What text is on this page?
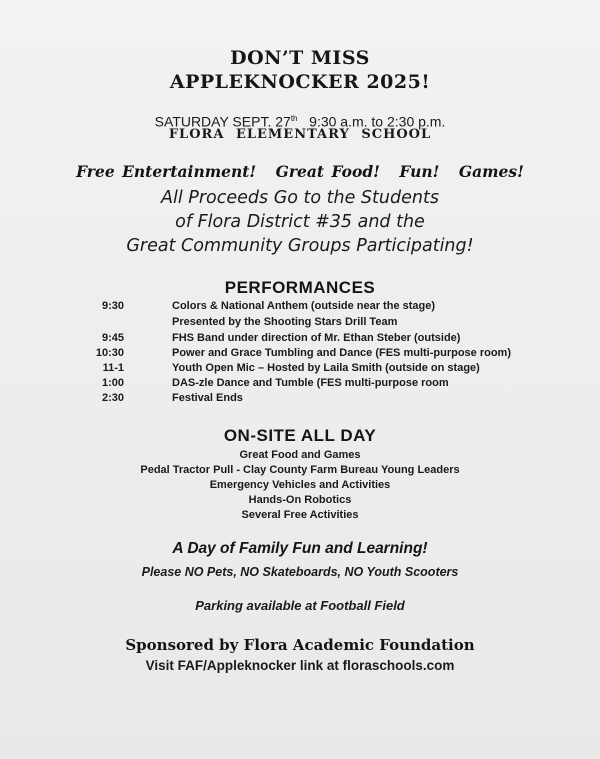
DON’T MISS
APPLEKNOCKER 2025!
SATURDAY SEPT. 27th 9:30 a.m. to 2:30 p.m.
FLORA ELEMENTARY SCHOOL
Free Entertainment! Great Food! Fun! Games!
All Proceeds Go to the Students
of Flora District #35 and the
Great Community Groups Participating!
PERFORMANCES
9:30	Colors & National Anthem (outside near the stage)
Presented by the Shooting Stars Drill Team
9:45	FHS Band under direction of Mr. Ethan Steber (outside)
10:30	Power and Grace Tumbling and Dance (FES multi-purpose room)
11-1	Youth Open Mic – Hosted by Laila Smith (outside on stage)
1:00	DAS-zle Dance and Tumble (FES multi-purpose room
2:30	Festival Ends
ON-SITE ALL DAY
Great Food and Games
Pedal Tractor Pull - Clay County Farm Bureau Young Leaders
Emergency Vehicles and Activities
Hands-On Robotics
Several Free Activities
A Day of Family Fun and Learning!
Please NO Pets, NO Skateboards, NO Youth Scooters
Parking available at Football Field
Sponsored by Flora Academic Foundation
Visit FAF/Appleknocker link at floraschools.com
